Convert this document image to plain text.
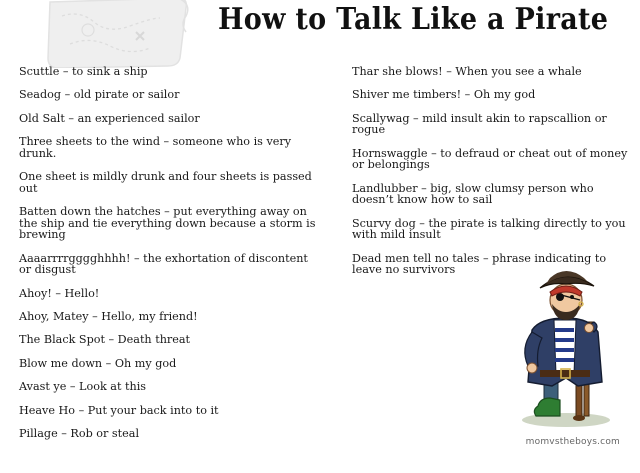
How to Talk Like a Pirate
Scuttle – to sink a ship
Seadog – old pirate or sailor
Old Salt – an experienced sailor
Three sheets to the wind – someone who is very drunk.
One sheet is mildly drunk and four sheets is passed out
Batten down the hatches – put everything away on the ship and tie everything down because a storm is brewing
Aaaarrrrgggghhhh! – the exhortation of discontent or disgust
Ahoy! – Hello!
Ahoy, Matey – Hello, my friend!
The Black Spot – Death threat
Blow me down – Oh my god
Avast ye – Look at this
Heave Ho – Put your back into to it
Pillage – Rob or steal
Thar she blows! – When you see a whale
Shiver me timbers! – Oh my god
Scallywag – mild insult akin to rapscallion or rogue
Hornswaggle – to defraud or cheat out of money or belongings
Landlubber – big, slow clumsy person who doesn’t know how to sail
Scurvy dog – the pirate is talking directly to you with mild insult
Dead men tell no tales – phrase indicating to leave no survivors
momvstheboys.com
